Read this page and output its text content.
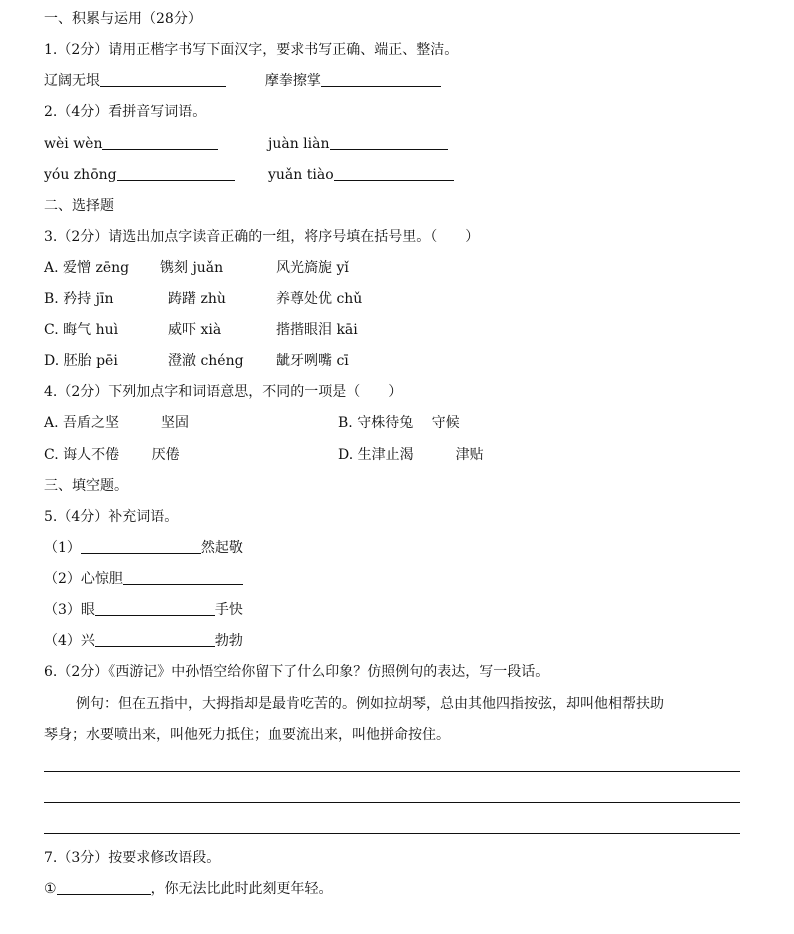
一、积累与运用（28分）
1.（2分）请用正楷字书写下面汉字，要求书写正确、端正、整洁。
辽阔无垠	摩拳擦掌
2.（4分）看拼音写词语。
wèi wèn	juàn liàn
yóu zhōng	yuǎn tiào
二、选择题
3.（2分）请选出加点字读音正确的一组，将序号填在括号里。（　　）
A. 爱憎 zēng 镌刻 juǎn	风光旖旎 yǐ
B. 矜持 jīn	踌躇 zhù	养尊处优 chǔ
C. 晦气 huì	威吓 xià	揩揩眼泪 kāi
D. 胚胎 pēi	澄澈 chéng 龇牙咧嘴 cī
4.（2分）下列加点字和词语意思，不同的一项是（　　）
A. 吾盾之坚　　　坚固	B. 守株待兔　 守候
C. 诲人不倦　　 厌倦	D. 生津止渴　　　津贴
三、填空题。
5.（4分）补充词语。
（1）	然起敬
（2）心惊胆
（3）眼	手快
（4）兴	勃勃
6.（2分）《西游记》中孙悟空给你留下了什么印象？仿照例句的表达，写一段话。
例句：但在五指中，大拇指却是最肯吃苦的。例如拉胡琴，总由其他四指按弦，却叫他相帮扶助
琴身；水要喷出来，叫他死力抵住；血要流出来，叫他拼命按住。
7.（3分）按要求修改语段。
①	，你无法比此时此刻更年轻。
